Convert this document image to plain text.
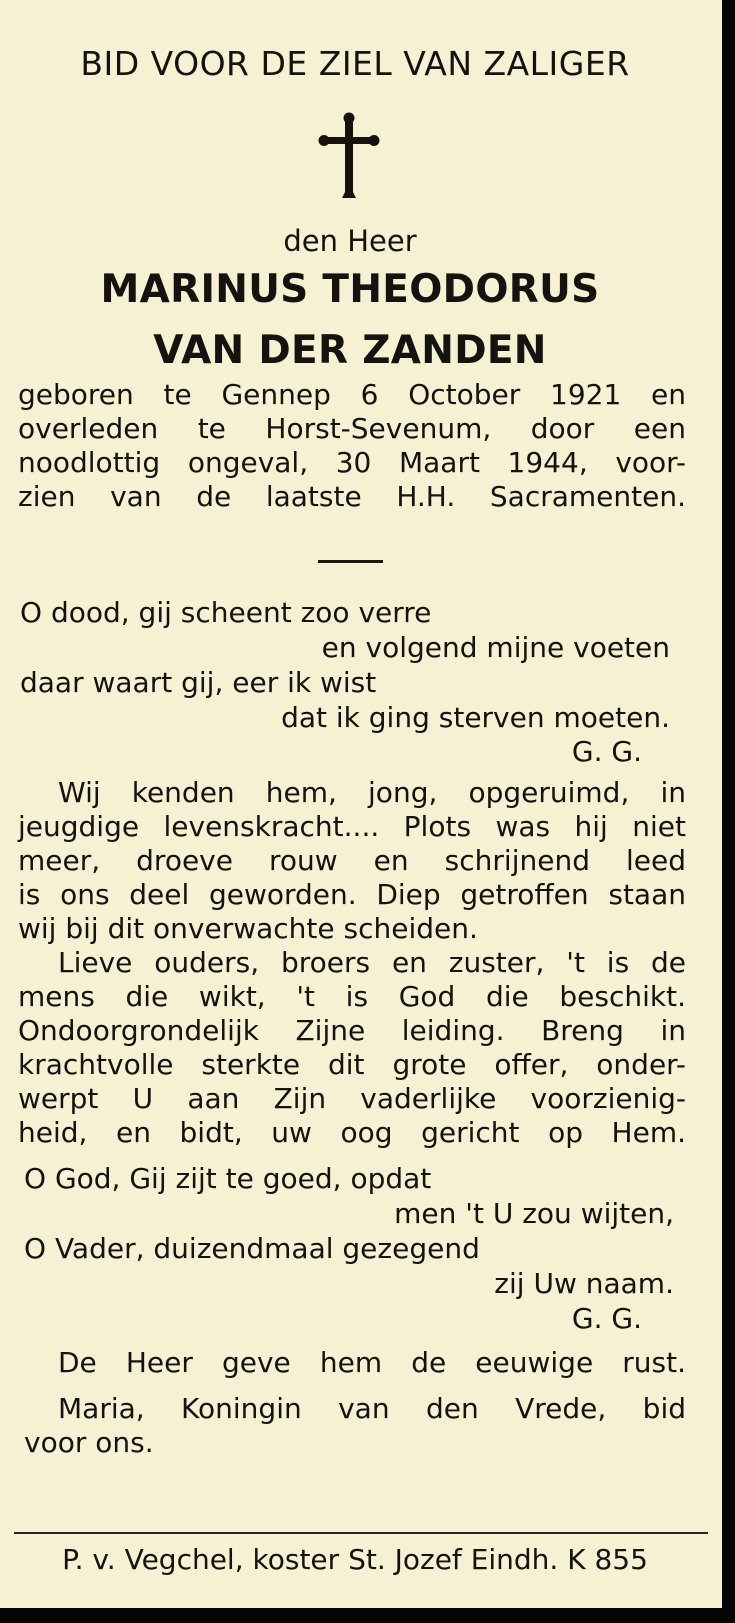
BID VOOR DE ZIEL VAN ZALIGER
den Heer
MARINUS THEODORUS
VAN DER ZANDEN
geboren te Gennep 6 October 1921 en
overleden te Horst-Sevenum, door een
noodlottig ongeval, 30 Maart 1944, voor-
zien van de laatste H.H. Sacramenten.
O dood, gij scheent zoo verre
en volgend mijne voeten
daar waart gij, eer ik wist
dat ik ging sterven moeten.
G. G.
Wij kenden hem, jong, opgeruimd, in
jeugdige levenskracht.... Plots was hij niet
meer, droeve rouw en schrijnend leed
is ons deel geworden. Diep getroffen staan
wij bij dit onverwachte scheiden.
Lieve ouders, broers en zuster, 't is de
mens die wikt, 't is God die beschikt.
Ondoorgrondelijk Zijne leiding. Breng in
krachtvolle sterkte dit grote offer, onder-
werpt U aan Zijn vaderlijke voorzienig-
heid, en bidt, uw oog gericht op Hem.
O God, Gij zijt te goed, opdat
men 't U zou wijten,
O Vader, duizendmaal gezegend
zij Uw naam.
G. G.
De Heer geve hem de eeuwige rust.
Maria, Koningin van den Vrede, bid
voor ons.
P. v. Vegchel, koster St. Jozef Eindh. K 855
